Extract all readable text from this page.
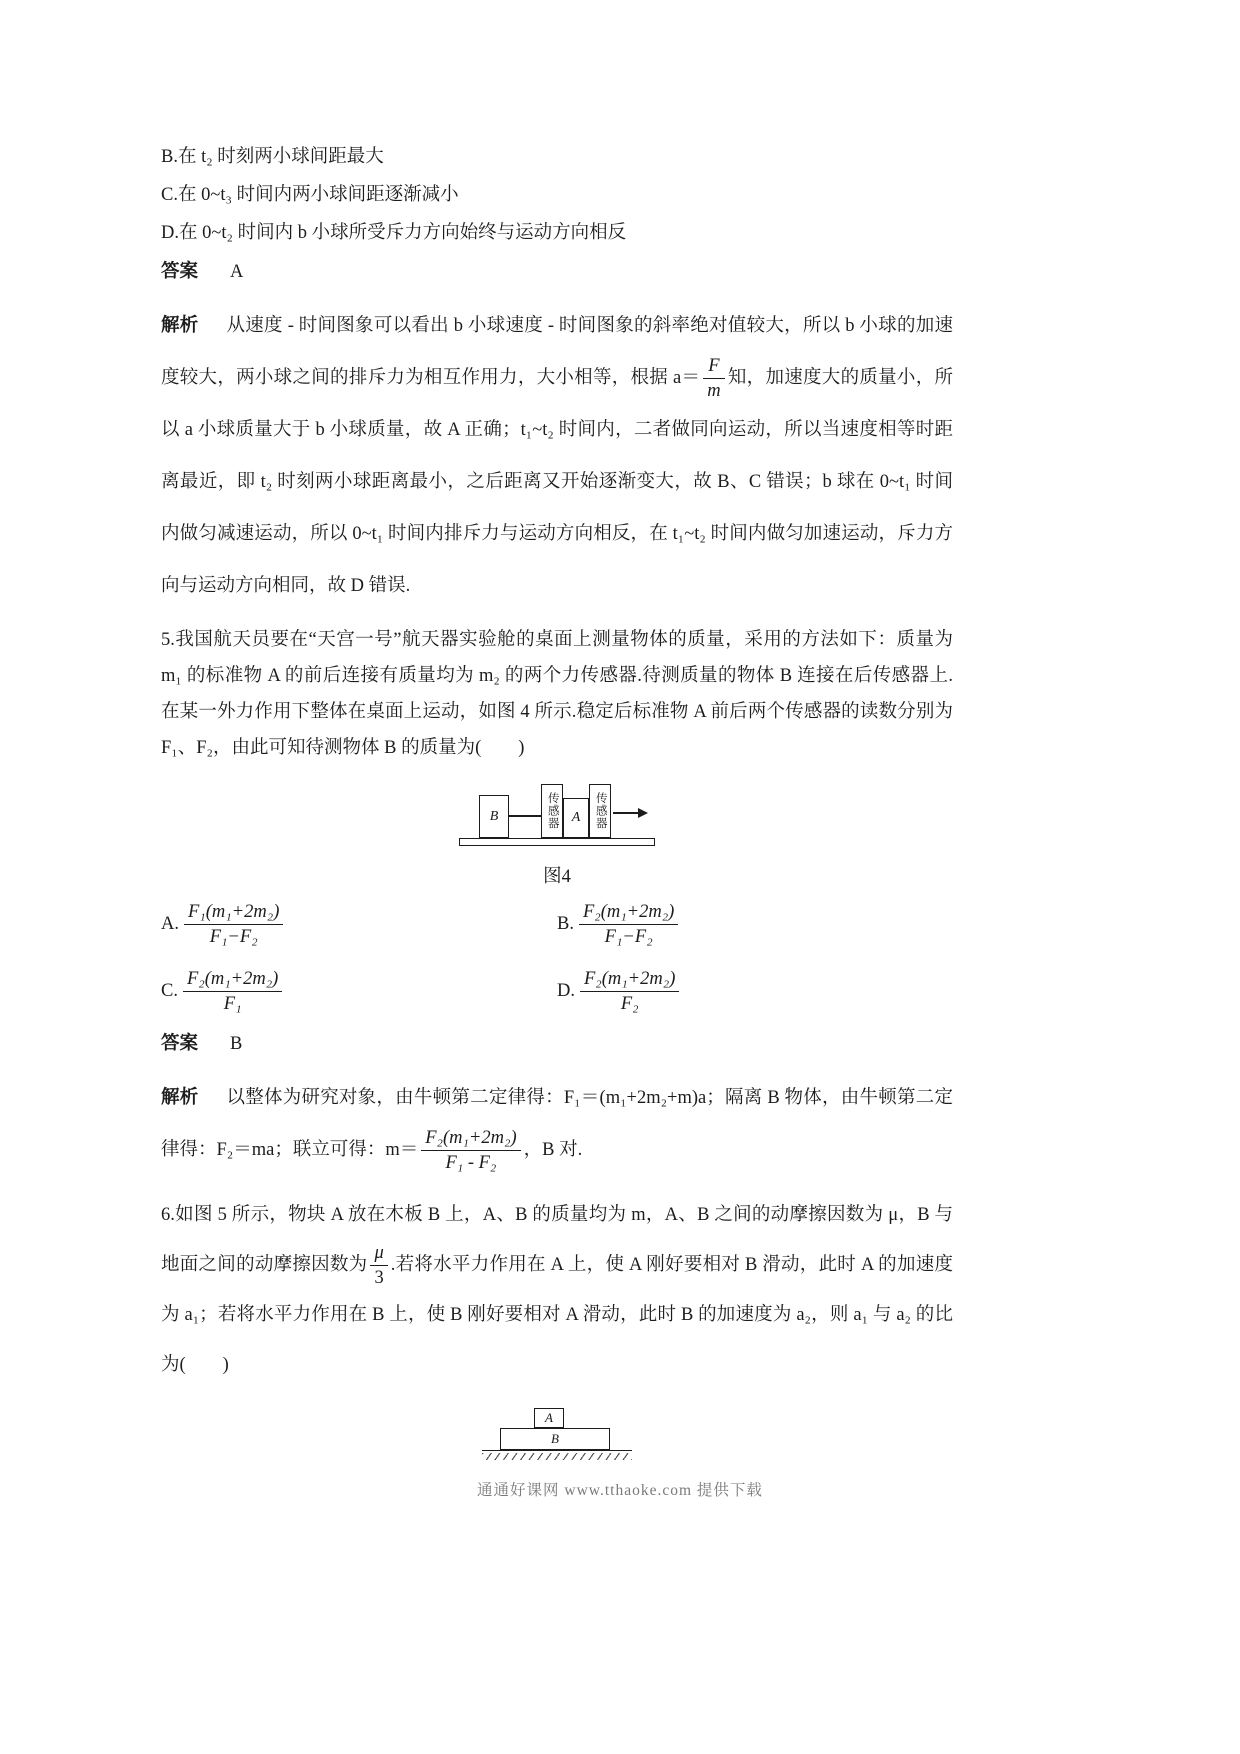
B.在 t₂ 时刻两小球间距最大
C.在 0~t₃ 时间内两小球间距逐渐减小
D.在 0~t₂ 时间内 b 小球所受斥力方向始终与运动方向相反
答案 A
解析 从速度 - 时间图象可以看出 b 小球速度 - 时间图象的斜率绝对值较大，所以 b 小球的加速度较大，两小球之间的排斥力为相互作用力，大小相等，根据 $a= \frac{F}{m}$ 知，加速度大的质量小，所以 a 小球质量大于 b 小球质量，故 A 正确；t₁~t₂ 时间内，二者做同向运动，所以当速度相等时距离最近，即 t₂ 时刻两小球距离最小，之后距离又开始逐渐变大，故 B、C 错误；b 球在 0~t₁ 时间内做匀减速运动，所以 0~t₁ 时间内排斥力与运动方向相反，在 t₁~t₂ 时间内做匀加速运动，斥力方向与运动方向相同，故 D 错误.
5.我国航天员要在“天宫一号”航天器实验舱的桌面上测量物体的质量，采用的方法如下：质量为 m₁ 的标准物 A 的前后连接有质量均为 m₂ 的两个力传感器.待测质量的物体 B 连接在后传感器上.在某一外力作用下整体在桌面上运动，如图 4 所示.稳定后标准物 A 前后两个传感器的读数分别为 F₁、F₂，由此可知待测物体 B 的质量为(　　)
B	传感器 A 传感器
图4
A. $\frac{\text{F₁(m₁+2m₂)}}{\text{F₁−F₂}}$	B. $\frac{\text{F₂(m₁+2m₂)}}{\text{F₁−F₂}}$
C. $\frac{\text{F₂(m₁+2m₂)}}{\text{F₁}}$	D. $\frac{\text{F₂(m₁+2m₂)}}{\text{F₂}}$
答案 B
解析 以整体为研究对象，由牛顿第二定律得：F₁＝(m₁+2m₂+m)a；隔离 B 物体，由牛顿第二定律得：F₂＝ma；联立可得：$m= \frac{\text{F₂(m₁+2m₂)}}{\text{F₁ - F₂}}$ ，B 对.
6.如图 5 所示，物块 A 放在木板 B 上，A、B 的质量均为 m，A、B 之间的动摩擦因数为 μ，B 与地面之间的动摩擦因数为 $\frac{\mu}{3}$ .若将水平力作用在 A 上，使 A 刚好要相对 B 滑动，此时 A 的加速度为 a₁；若将水平力作用在 B 上，使 B 刚好要相对 A 滑动，此时 B 的加速度为 a₂，则 a₁ 与 a₂ 的比为(　　)
A
B
通通好课网 www.tthaoke.com 提供下载
